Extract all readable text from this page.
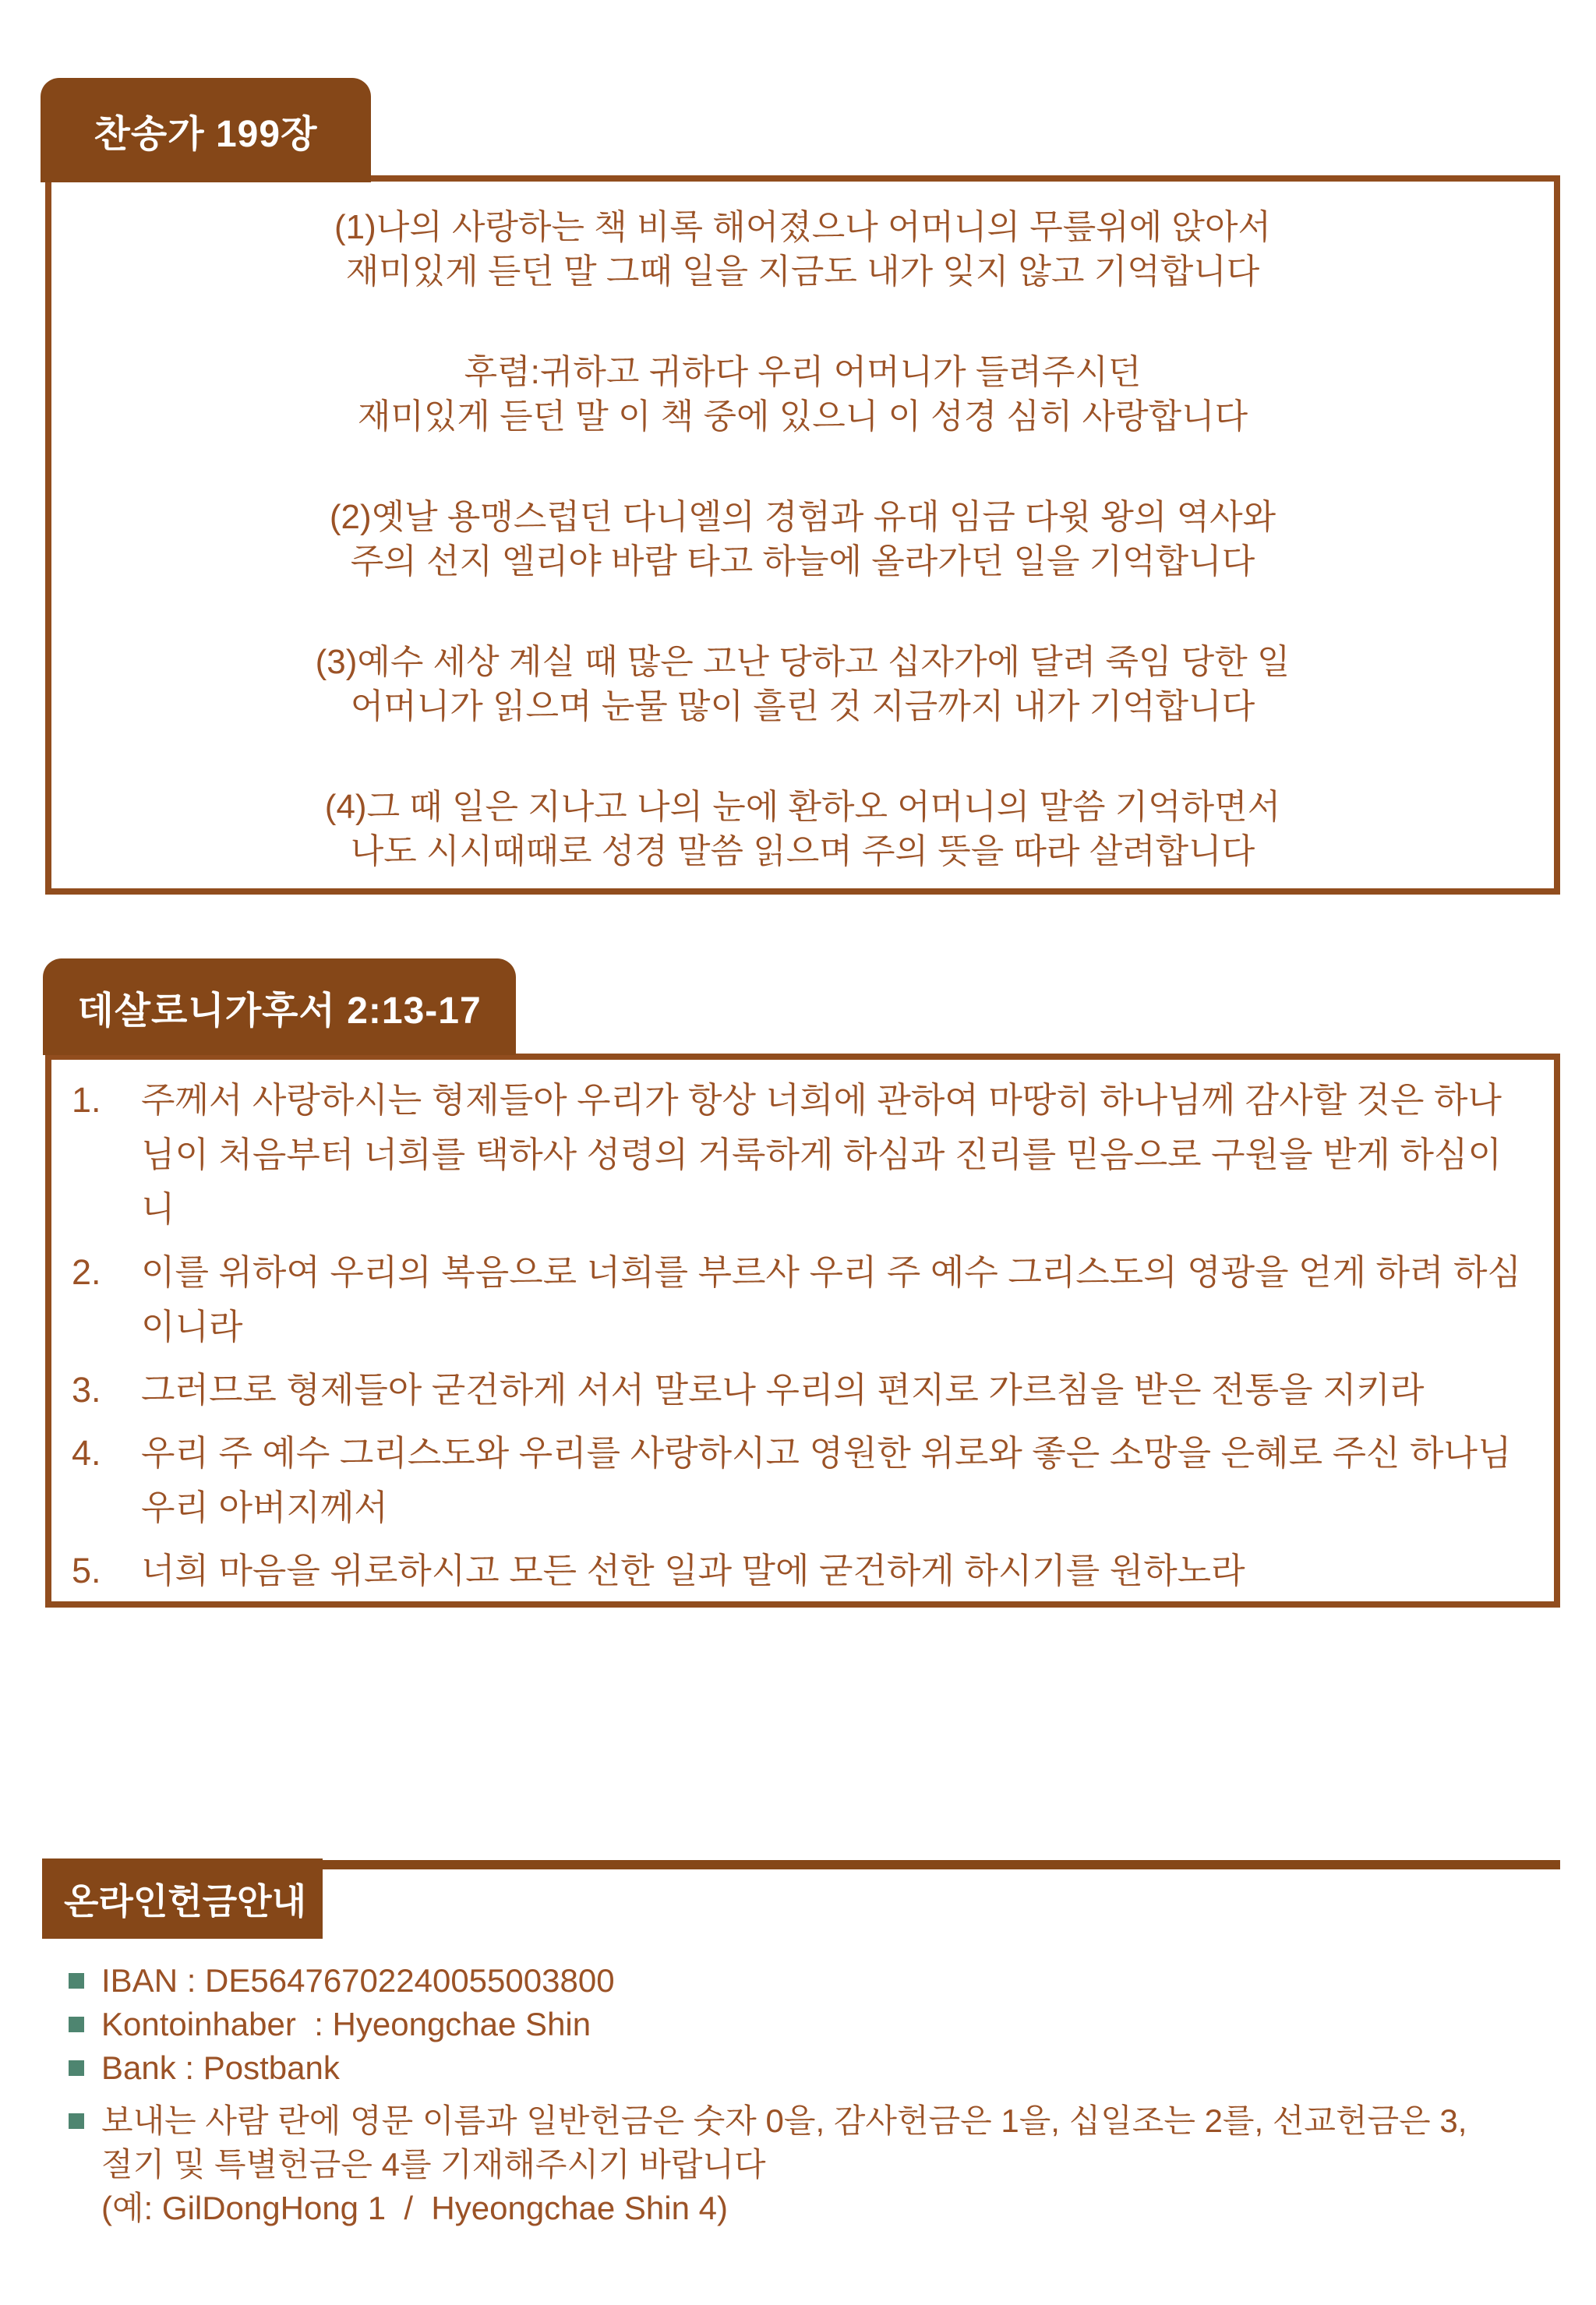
찬송가 199장
(1)나의 사랑하는 책 비록 해어졌으나 어머니의 무릎위에 앉아서
재미있게 듣던 말 그때 일을 지금도 내가 잊지 않고 기억합니다
후렴:귀하고 귀하다 우리 어머니가 들려주시던
재미있게 듣던 말 이 책 중에 있으니 이 성경 심히 사랑합니다
(2)옛날 용맹스럽던 다니엘의 경험과 유대 임금 다윗 왕의 역사와
주의 선지 엘리야 바람 타고 하늘에 올라가던 일을 기억합니다
(3)예수 세상 계실 때 많은 고난 당하고 십자가에 달려 죽임 당한 일
어머니가 읽으며 눈물 많이 흘린 것 지금까지 내가 기억합니다
(4)그 때 일은 지나고 나의 눈에 환하오 어머니의 말씀 기억하면서
나도 시시때때로 성경 말씀 읽으며 주의 뜻을 따라 살려합니다
데살로니가후서 2:13-17
1.	주께서 사랑하시는 형제들아 우리가 항상 너희에 관하여 마땅히 하나님께 감사할 것은 하나님이 처음부터 너희를 택하사 성령의 거룩하게 하심과 진리를 믿음으로 구원을 받게 하심이니
2.	이를 위하여 우리의 복음으로 너희를 부르사 우리 주 예수 그리스도의 영광을 얻게 하려 하심이니라
3.	그러므로 형제들아 굳건하게 서서 말로나 우리의 편지로 가르침을 받은 전통을 지키라
4.	우리 주 예수 그리스도와 우리를 사랑하시고 영원한 위로와 좋은 소망을 은혜로 주신 하나님 우리 아버지께서
5.	너희 마음을 위로하시고 모든 선한 일과 말에 굳건하게 하시기를 원하노라
온라인헌금안내
IBAN : DE56476702240055003800
Kontoinhaber  : Hyeongchae Shin
Bank : Postbank
보내는 사람 란에 영문 이름과 일반헌금은 숫자 0을, 감사헌금은 1을, 십일조는 2를, 선교헌금은 3,
절기 및 특별헌금은 4를 기재해주시기 바랍니다
(예: GilDongHong 1  /  Hyeongchae Shin 4)
